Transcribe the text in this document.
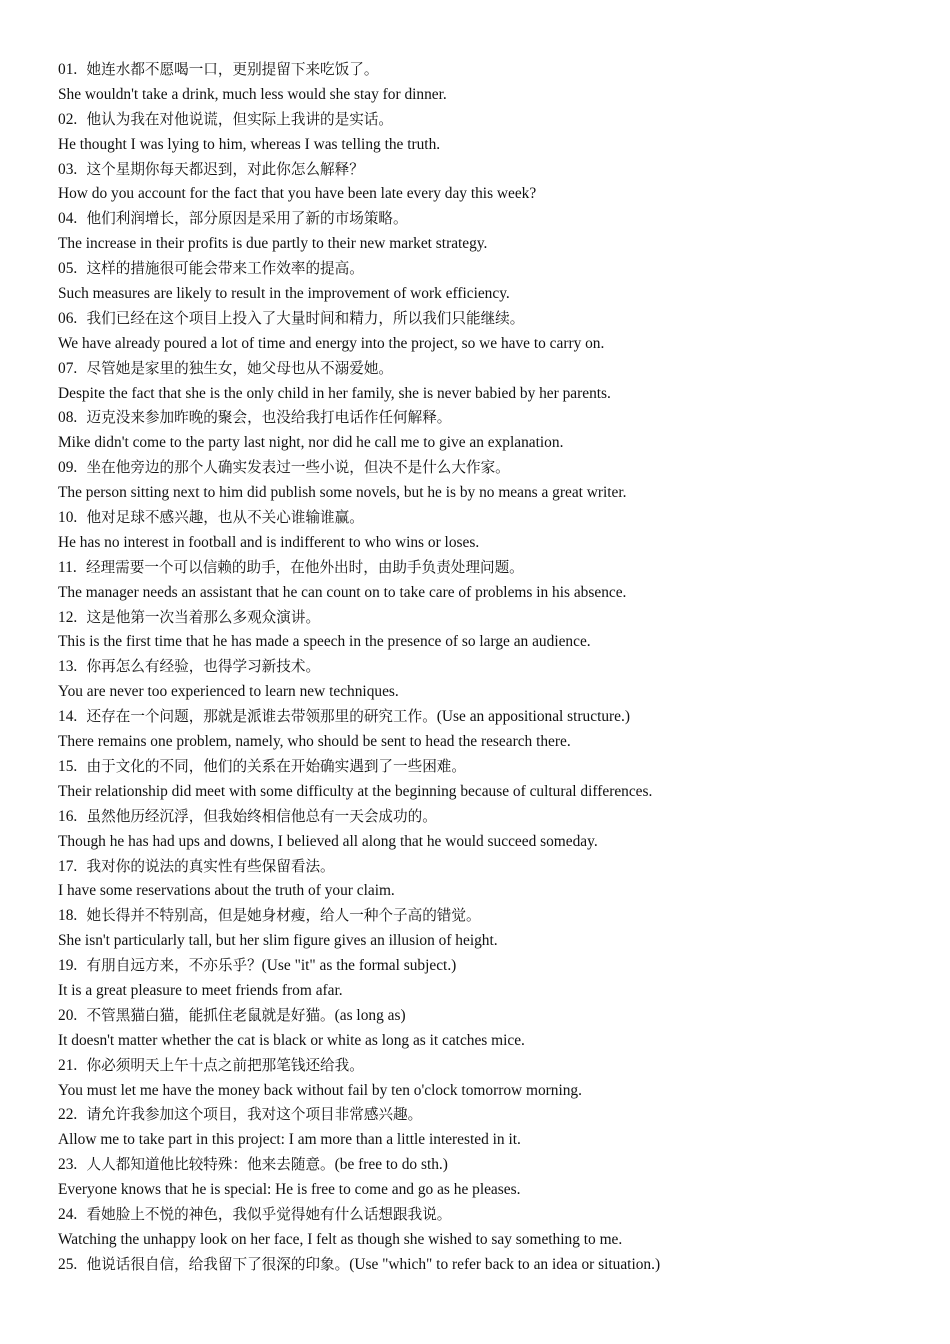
01. 她连水都不愿喝一口，更别提留下来吃饭了。
She wouldn't take a drink, much less would she stay for dinner.
02. 他认为我在对他说谎，但实际上我讲的是实话。
He thought I was lying to him, whereas I was telling the truth.
03. 这个星期你每天都迟到，对此你怎么解释？
How do you account for the fact that you have been late every day this week?
04. 他们利润增长，部分原因是采用了新的市场策略。
The increase in their profits is due partly to their new market strategy.
05. 这样的措施很可能会带来工作效率的提高。
Such measures are likely to result in the improvement of work efficiency.
06. 我们已经在这个项目上投入了大量时间和精力，所以我们只能继续。
We have already poured a lot of time and energy into the project, so we have to carry on.
07. 尽管她是家里的独生女，她父母也从不溺爱她。
Despite the fact that she is the only child in her family, she is never babied by her parents.
08. 迈克没来参加昨晚的聚会，也没给我打电话作任何解释。
Mike didn't come to the party last night, nor did he call me to give an explanation.
09. 坐在他旁边的那个人确实发表过一些小说，但决不是什么大作家。
The person sitting next to him did publish some novels, but he is by no means a great writer.
10. 他对足球不感兴趣，也从不关心谁输谁赢。
He has no interest in football and is indifferent to who wins or loses.
11. 经理需要一个可以信赖的助手，在他外出时，由助手负责处理问题。
The manager needs an assistant that he can count on to take care of problems in his absence.
12. 这是他第一次当着那么多观众演讲。
This is the first time that he has made a speech in the presence of so large an audience.
13. 你再怎么有经验，也得学习新技术。
You are never too experienced to learn new techniques.
14. 还存在一个问题，那就是派谁去带领那里的研究工作。(Use an appositional structure.)
There remains one problem, namely, who should be sent to head the research there.
15. 由于文化的不同，他们的关系在开始确实遇到了一些困难。
Their relationship did meet with some difficulty at the beginning because of cultural differences.
16. 虽然他历经沉浮，但我始终相信他总有一天会成功的。
Though he has had ups and downs, I believed all along that he would succeed someday.
17. 我对你的说法的真实性有些保留看法。
I have some reservations about the truth of your claim.
18. 她长得并不特别高，但是她身材瘦，给人一种个子高的错觉。
She isn't particularly tall, but her slim figure gives an illusion of height.
19. 有朋自远方来，不亦乐乎？(Use "it" as the formal subject.)
It is a great pleasure to meet friends from afar.
20. 不管黑猫白猫，能抓住老鼠就是好猫。(as long as)
It doesn't matter whether the cat is black or white as long as it catches mice.
21. 你必须明天上午十点之前把那笔钱还给我。
You must let me have the money back without fail by ten o'clock tomorrow morning.
22. 请允许我参加这个项目，我对这个项目非常感兴趣。
Allow me to take part in this project: I am more than a little interested in it.
23. 人人都知道他比较特殊：他来去随意。(be free to do sth.)
Everyone knows that he is special: He is free to come and go as he pleases.
24. 看她脸上不悦的神色，我似乎觉得她有什么话想跟我说。
Watching the unhappy look on her face, I felt as though she wished to say something to me.
25. 他说话很自信，给我留下了很深的印象。(Use "which" to refer back to an idea or situation.)
